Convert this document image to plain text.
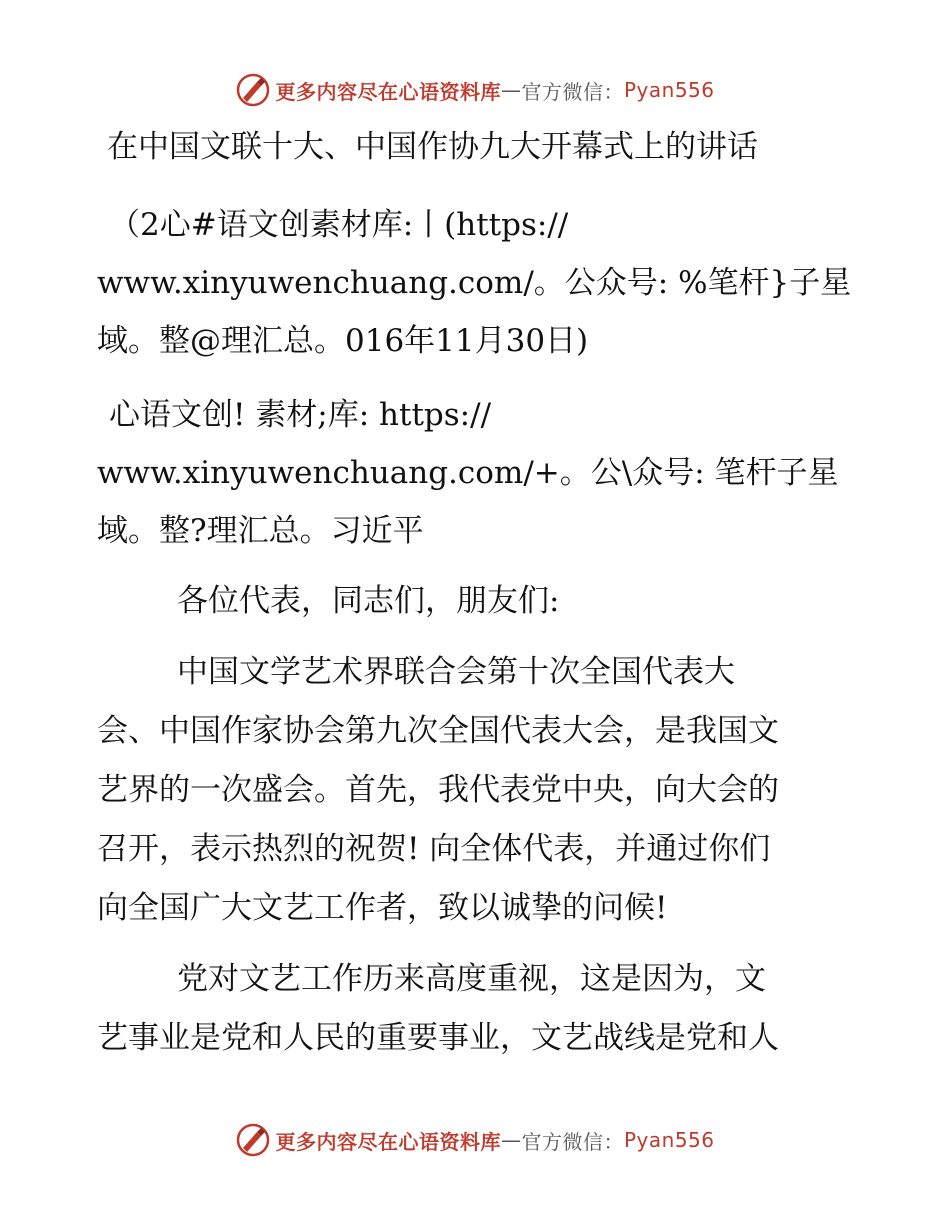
更多内容尽在心语资料库 — 官方微信： Pyan556
在中国文联十大、中国作协九大开幕式上的讲话

（2心#语文创素材库:丨(https://

www.xinyuwenchuang.com/。公众号: %笔杆}子星

域。整@理汇总。016年11月30日)

心语文创! 素材;库: https://

www.xinyuwenchuang.com/+。公\众号: 笔杆子星

域。整?理汇总。习近平

各位代表，同志们，朋友们:

中国文学艺术界联合会第十次全国代表大

会、中国作家协会第九次全国代表大会，是我国文

艺界的一次盛会。首先，我代表党中央，向大会的

召开，表示热烈的祝贺! 向全体代表，并通过你们

向全国广大文艺工作者，致以诚挚的问候!

党对文艺工作历来高度重视，这是因为，文

艺事业是党和人民的重要事业，文艺战线是党和人

更多内容尽在心语资料库 — 官方微信： Pyan556
